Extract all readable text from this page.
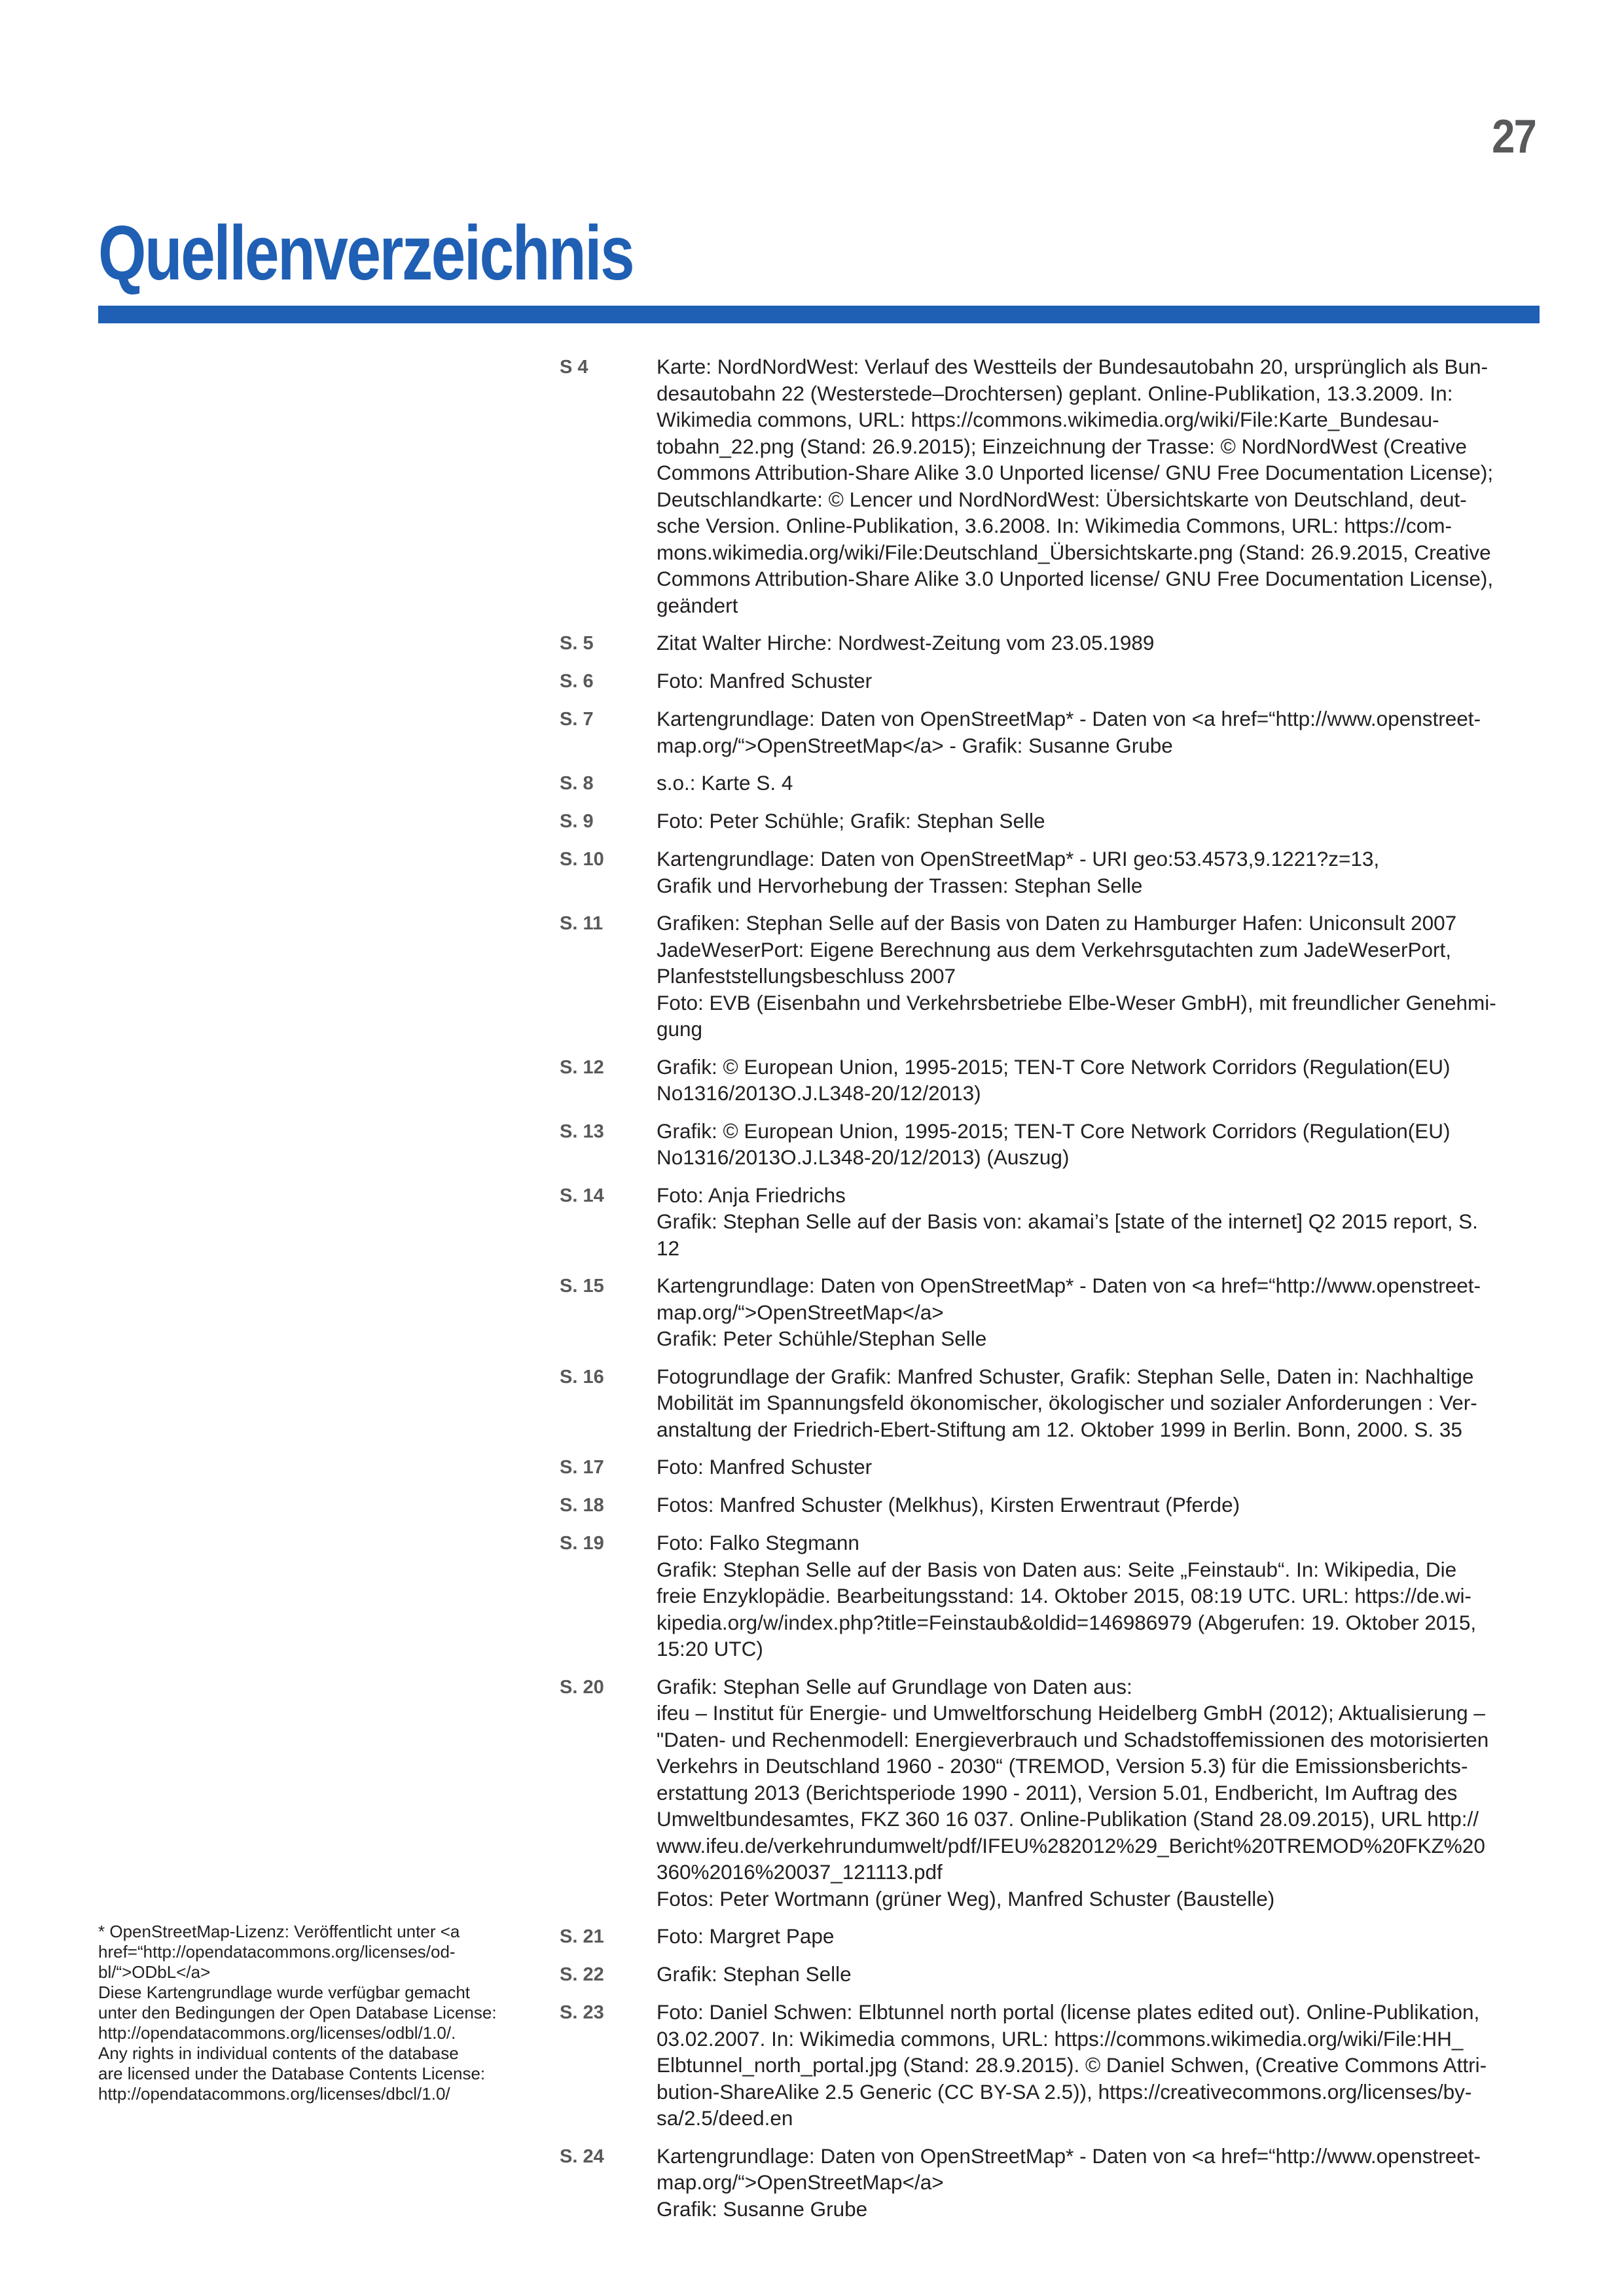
27
Quellenverzeichnis
S 4	Karte: NordNordWest: Verlauf des Westteils der Bundesautobahn 20, ursprünglich als Bun-
desautobahn 22 (Westerstede–Drochtersen) geplant. Online-Publikation, 13.3.2009. In:
Wikimedia commons, URL: https://commons.wikimedia.org/wiki/File:Karte_Bundesau-
tobahn_22.png (Stand: 26.9.2015); Einzeichnung der Trasse: © NordNordWest (Creative
Commons Attribution-Share Alike 3.0 Unported license/ GNU Free Documentation License);
Deutschlandkarte: © Lencer und NordNordWest: Übersichtskarte von Deutschland, deut-
sche Version. Online-Publikation, 3.6.2008. In: Wikimedia Commons, URL: https://com-
mons.wikimedia.org/wiki/File:Deutschland_Übersichtskarte.png (Stand: 26.9.2015, Creative
Commons Attribution-Share Alike 3.0 Unported license/ GNU Free Documentation License),
geändert
S. 5	Zitat Walter Hirche: Nordwest-Zeitung vom 23.05.1989
S. 6	Foto: Manfred Schuster
S. 7	Kartengrundlage: Daten von OpenStreetMap* - Daten von <a href=“http://www.openstreet-
map.org/“>OpenStreetMap</a> - Grafik: Susanne Grube
S. 8	s.o.: Karte S. 4
S. 9	Foto: Peter Schühle; Grafik: Stephan Selle
S. 10	Kartengrundlage: Daten von OpenStreetMap* - URI geo:53.4573,9.1221?z=13,
Grafik und Hervorhebung der Trassen: Stephan Selle
S. 11	Grafiken: Stephan Selle auf der Basis von Daten zu Hamburger Hafen: Uniconsult 2007
JadeWeserPort: Eigene Berechnung aus dem Verkehrsgutachten zum JadeWeserPort,
Planfeststellungsbeschluss 2007
Foto: EVB (Eisenbahn und Verkehrsbetriebe Elbe-Weser GmbH), mit freundlicher Genehmi-
gung
S. 12	Grafik: © European Union, 1995-2015; TEN-T Core Network Corridors (Regulation(EU)
No1316/2013O.J.L348-20/12/2013)
S. 13	Grafik: © European Union, 1995-2015; TEN-T Core Network Corridors (Regulation(EU)
No1316/2013O.J.L348-20/12/2013) (Auszug)
S. 14	Foto: Anja Friedrichs
Grafik: Stephan Selle auf der Basis von: akamai’s [state of the internet] Q2 2015 report, S.
12
S. 15	Kartengrundlage: Daten von OpenStreetMap* - Daten von <a href=“http://www.openstreet-
map.org/“>OpenStreetMap</a>
Grafik: Peter Schühle/Stephan Selle
S. 16	Fotogrundlage der Grafik: Manfred Schuster, Grafik: Stephan Selle, Daten in: Nachhaltige
Mobilität im Spannungsfeld ökonomischer, ökologischer und sozialer Anforderungen : Ver-
anstaltung der Friedrich-Ebert-Stiftung am 12. Oktober 1999 in Berlin. Bonn, 2000. S. 35
S. 17	Foto: Manfred Schuster
S. 18	Fotos: Manfred Schuster (Melkhus), Kirsten Erwentraut (Pferde)
S. 19	Foto: Falko Stegmann
Grafik: Stephan Selle auf der Basis von Daten aus: Seite „Feinstaub“. In: Wikipedia, Die
freie Enzyklopädie. Bearbeitungsstand: 14. Oktober 2015, 08:19 UTC. URL: https://de.wi-
kipedia.org/w/index.php?title=Feinstaub&oldid=146986979 (Abgerufen: 19. Oktober 2015,
15:20 UTC)
S. 20	Grafik: Stephan Selle auf Grundlage von Daten aus:
ifeu – Institut für Energie- und Umweltforschung Heidelberg GmbH (2012); Aktualisierung –
"Daten- und Rechenmodell: Energieverbrauch und Schadstoffemissionen des motorisierten
Verkehrs in Deutschland 1960 - 2030“ (TREMOD, Version 5.3) für die Emissionsberichts-
erstattung 2013 (Berichtsperiode 1990 - 2011), Version 5.01, Endbericht, Im Auftrag des
Umweltbundesamtes, FKZ 360 16 037. Online-Publikation (Stand 28.09.2015), URL http://
www.ifeu.de/verkehrundumwelt/pdf/IFEU%282012%29_Bericht%20TREMOD%20FKZ%20
360%2016%20037_121113.pdf
Fotos: Peter Wortmann (grüner Weg), Manfred Schuster (Baustelle)
S. 21	Foto: Margret Pape
S. 22	Grafik: Stephan Selle
S. 23	Foto: Daniel Schwen: Elbtunnel north portal (license plates edited out). Online-Publikation,
03.02.2007. In: Wikimedia commons, URL: https://commons.wikimedia.org/wiki/File:HH_
Elbtunnel_north_portal.jpg (Stand: 28.9.2015). © Daniel Schwen, (Creative Commons Attri-
bution-ShareAlike 2.5 Generic (CC BY-SA 2.5)), https://creativecommons.org/licenses/by-
sa/2.5/deed.en
S. 24	Kartengrundlage: Daten von OpenStreetMap* - Daten von <a href=“http://www.openstreet-
map.org/“>OpenStreetMap</a>
Grafik: Susanne Grube
* OpenStreetMap-Lizenz: Veröffentlicht unter <a
href=“http://opendatacommons.org/licenses/od-
bl/“>ODbL</a>
Diese Kartengrundlage wurde verfügbar gemacht
unter den Bedingungen der Open Database License:
http://opendatacommons.org/licenses/odbl/1.0/.
Any rights in individual contents of the database
are licensed under the Database Contents License:
http://opendatacommons.org/licenses/dbcl/1.0/
